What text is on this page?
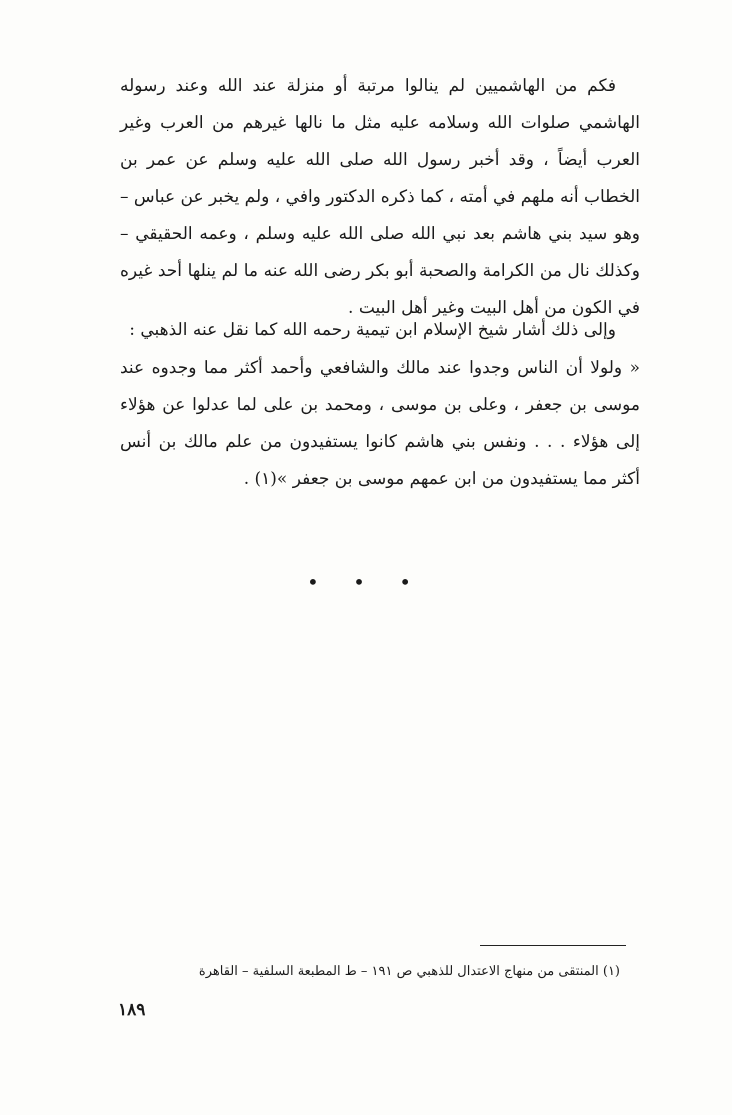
فكم من الهاشميين لم ينالوا مرتبة أو منزلة عند الله وعند رسوله الهاشمي صلوات الله وسلامه عليه مثل ما نالها غيرهم من العرب وغير العرب أيضاً ، وقد أخبر رسول الله صلى الله عليه وسلم عن عمر بن الخطاب أنه ملهم في أمته ، كما ذكره الدكتور وافي ، ولم يخبر عن عباس – وهو سيد بني هاشم بعد نبي الله صلى الله عليه وسلم ، وعمه الحقيقي – وكذلك نال من الكرامة والصحبة أبو بكر رضى الله عنه ما لم ينلها أحد غيره في الكون من أهل البيت وغير أهل البيت .

وإلى ذلك أشار شيخ الإسلام ابن تيمية رحمه الله كما نقل عنه الذهبي :

« ولولا أن الناس وجدوا عند مالك والشافعي وأحمد أكثر مما وجدوه عند موسى بن جعفر ، وعلى بن موسى ، ومحمد بن على لما عدلوا عن هؤلاء إلى هؤلاء . . . ونفس بني هاشم كانوا يستفيدون من علم مالك بن أنس أكثر مما يستفيدون من ابن عمهم موسى بن جعفر »(١) .

• • •
(١) المنتقى من منهاج الاعتدال للذهبي ص ١٩١ – ط المطبعة السلفية – القاهرة
١٨٩
